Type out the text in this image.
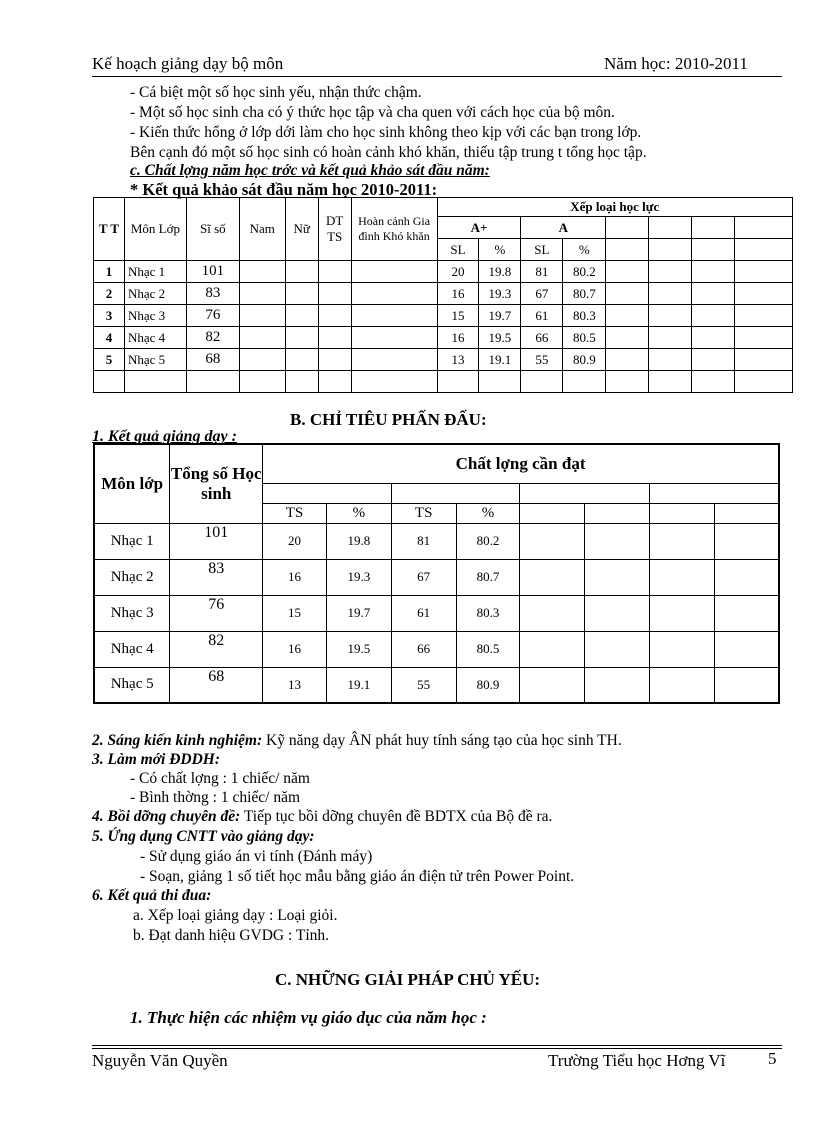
Kế hoạch giảng dạy bộ môn	Năm học: 2010-2011
- Cá biệt một số học sinh yếu, nhận thức chậm.
- Một số học sinh cha có ý thức học tập và cha quen với cách học của bộ môn.
- Kiến thức hổng ở lớp dới làm cho học sinh không theo kịp với các bạn trong lớp.
Bên cạnh đó một số học sinh có hoàn cảnh khó khăn, thiếu tập trung t tổng học tập.
c. Chất lợng năm học trớc và kết quả khảo sát đầu năm:
* Kết quả khảo sát đầu năm học 2010-2011:
T T	Môn Lớp	Sĩ số	Nam	Nữ	DT TS	Hoàn cảnh Gia đình Khó khăn	Xếp loại học lực							
							A+		A					
							SL	%	SL	%				
1	Nhạc 1	101					20	19.8	81	80.2				
2	Nhạc 2	83					16	19.3	67	80.7				
3	Nhạc 3	76					15	19.7	61	80.3				
4	Nhạc 4	82					16	19.5	66	80.5				
5	Nhạc 5	68					13	19.1	55	80.9				

B. CHỈ TIÊU PHẤN ĐẤU:
1. Kết quả giảng dạy :
Môn lớp	Tổng số Học sinh	Chất lợng cần đạt							

		TS	%	TS	%				
Nhạc 1	101	20	19.8	81	80.2				
Nhạc 2	83	16	19.3	67	80.7				
Nhạc 3	76	15	19.7	61	80.3				
Nhạc 4	82	16	19.5	66	80.5				
Nhạc 5	68	13	19.1	55	80.9				
2. Sáng kiến kinh nghiệm: Kỹ năng dạy ÂN phát huy tính sáng tạo của học sinh TH.
3. Làm mới ĐDDH:
- Có chất lợng : 1 chiếc/ năm
- Bình thờng : 1 chiếc/ năm
4. Bồi dỡng chuyên đề: Tiếp tục bồi dỡng chuyên đề BDTX của Bộ đề ra.
5. Ứng dụng CNTT vào giảng dạy:
- Sử dụng giáo án vi tính (Đánh máy)
- Soạn, giảng 1 số tiết học mẫu bằng giáo án điện tử trên Power Point.
6. Kết quả thi đua:
a. Xếp loại giảng dạy : Loại giỏi.
b. Đạt danh hiệu GVDG : Tỉnh.
C. NHỮNG GIẢI PHÁP CHỦ YẾU:
1. Thực hiện các nhiệm vụ giáo dục của năm học :
Nguyễn Văn Quyền	Trường Tiểu học Hơng Vĩ	5
